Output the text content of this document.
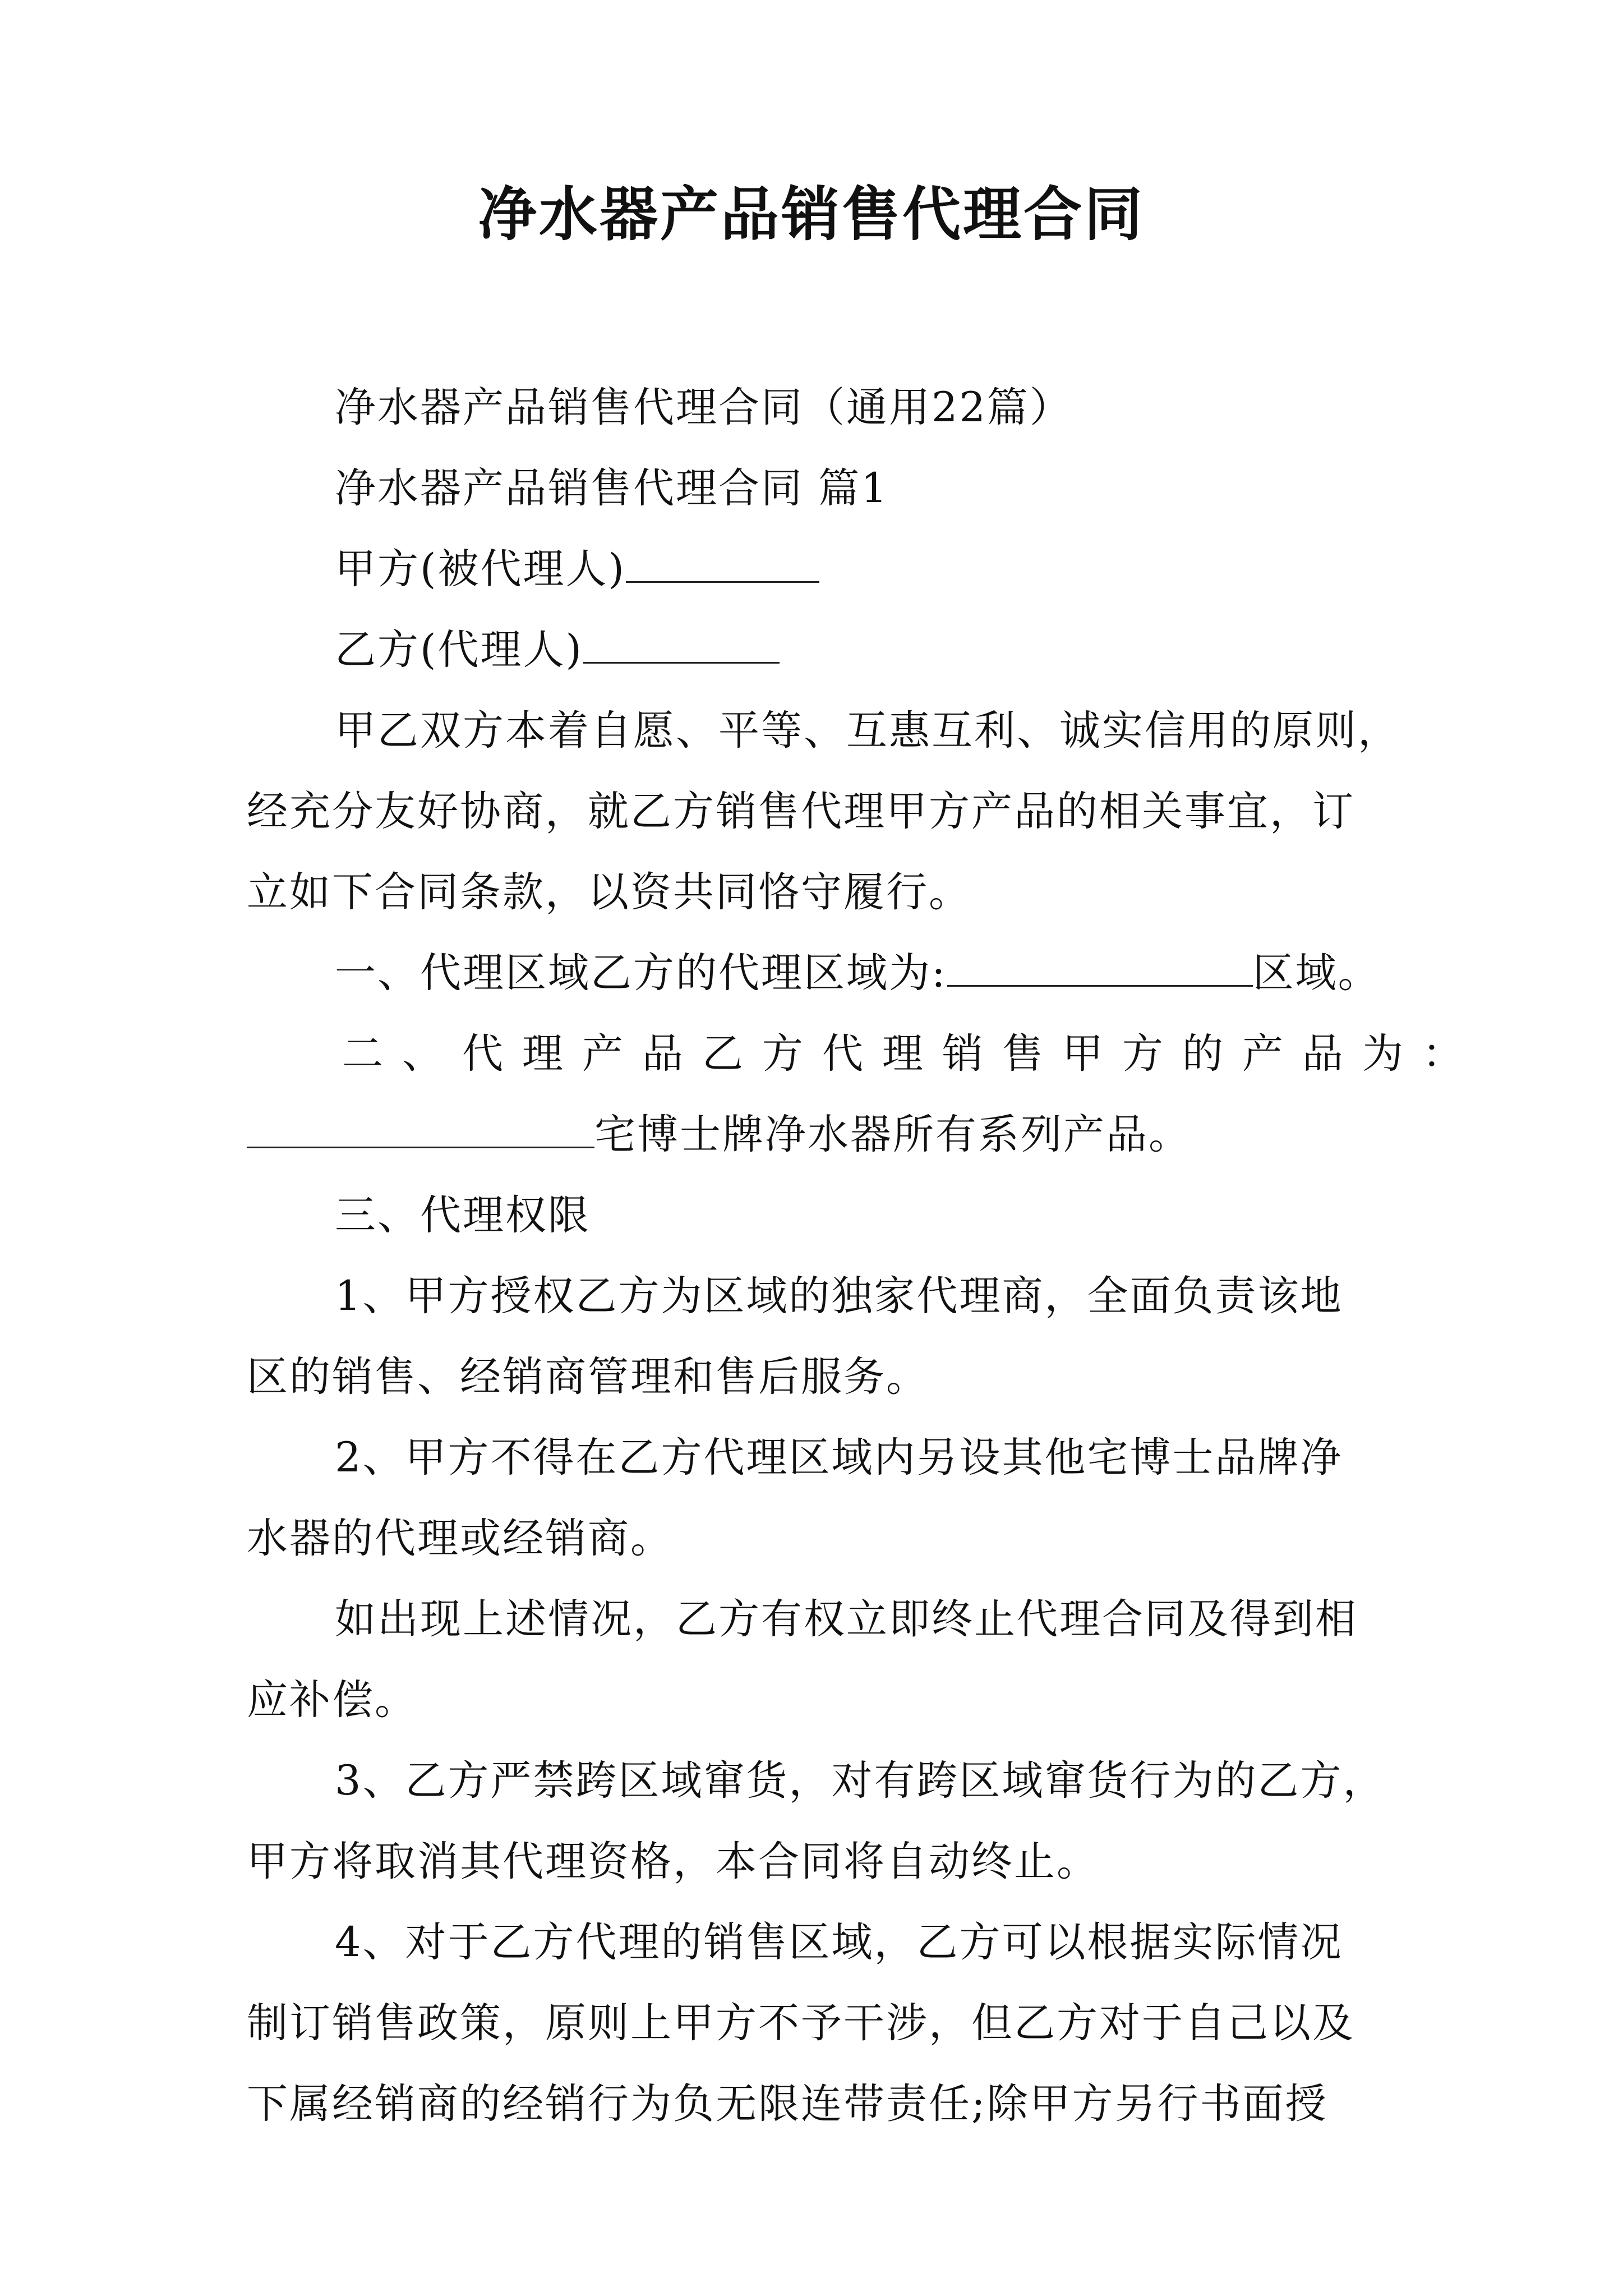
净水器产品销售代理合同
净水器产品销售代理合同（通用22篇）
净水器产品销售代理合同 篇1
甲方(被代理人)
乙方(代理人)
甲乙双方本着自愿、平等、互惠互利、诚实信用的原则，
经充分友好协商，就乙方销售代理甲方产品的相关事宜，订
立如下合同条款，以资共同恪守履行。
一、代理区域乙方的代理区域为:	区域。
二、代理产品乙方代理销售甲方的产品为：
宅博士牌净水器所有系列产品。
三、代理权限
1、甲方授权乙方为区域的独家代理商，全面负责该地
区的销售、经销商管理和售后服务。
2、甲方不得在乙方代理区域内另设其他宅博士品牌净
水器的代理或经销商。
如出现上述情况，乙方有权立即终止代理合同及得到相
应补偿。
3、乙方严禁跨区域窜货，对有跨区域窜货行为的乙方，
甲方将取消其代理资格，本合同将自动终止。
4、对于乙方代理的销售区域，乙方可以根据实际情况
制订销售政策，原则上甲方不予干涉，但乙方对于自己以及
下属经销商的经销行为负无限连带责任;除甲方另行书面授
